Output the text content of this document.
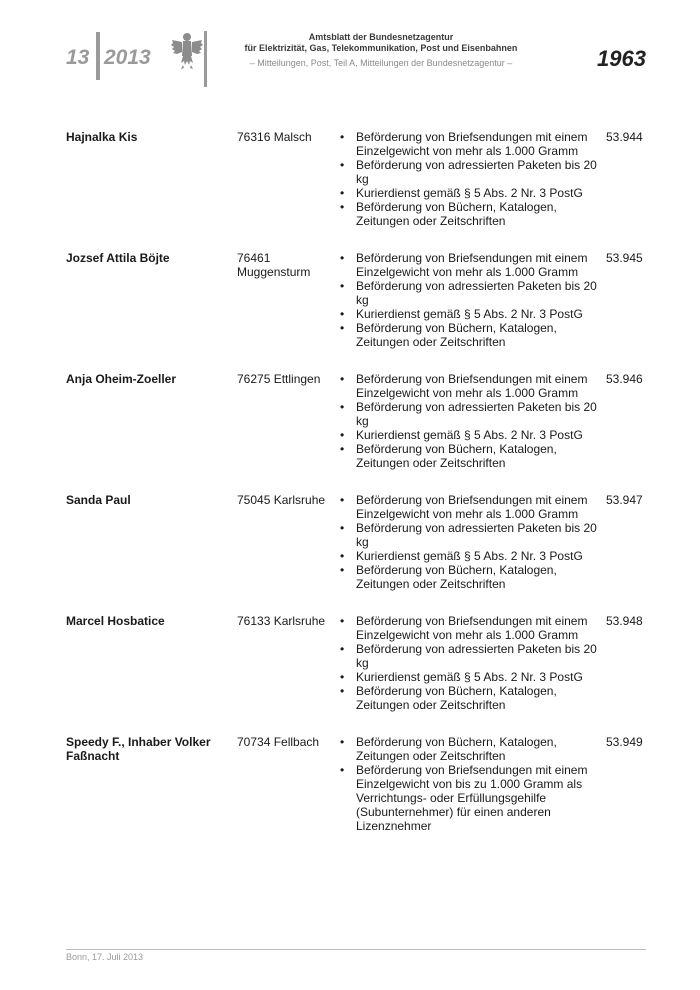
13 2013
Amtsblatt der Bundesnetzagentur
für Elektrizität, Gas, Telekommunikation, Post und Eisenbahnen
– Mitteilungen, Post, Teil A, Mitteilungen der Bundesnetzagentur –	1963
Hajnalka Kis	76316 Malsch	• Beförderung von Briefsendungen mit einem Einzelgewicht von mehr als 1.000 Gramm
• Beförderung von adressierten Paketen bis 20 kg
• Kurierdienst gemäß § 5 Abs. 2 Nr. 3 PostG
• Beförderung von Büchern, Katalogen, Zeitungen oder Zeitschriften
53.944
Jozsef Attila Böjte	76461 Muggensturm
• Beförderung von Briefsendungen mit einem Einzelgewicht von mehr als 1.000 Gramm
• Beförderung von adressierten Paketen bis 20 kg
• Kurierdienst gemäß § 5 Abs. 2 Nr. 3 PostG
• Beförderung von Büchern, Katalogen, Zeitungen oder Zeitschriften
53.945
Anja Oheim-Zoeller	76275 Ettlingen	• Beförderung von Briefsendungen mit einem Einzelgewicht von mehr als 1.000 Gramm
• Beförderung von adressierten Paketen bis 20 kg
• Kurierdienst gemäß § 5 Abs. 2 Nr. 3 PostG
• Beförderung von Büchern, Katalogen, Zeitungen oder Zeitschriften
53.946
Sanda Paul	75045 Karlsruhe	• Beförderung von Briefsendungen mit einem Einzelgewicht von mehr als 1.000 Gramm
• Beförderung von adressierten Paketen bis 20 kg
• Kurierdienst gemäß § 5 Abs. 2 Nr. 3 PostG
• Beförderung von Büchern, Katalogen, Zeitungen oder Zeitschriften
53.947
Marcel Hosbatice	76133 Karlsruhe	• Beförderung von Briefsendungen mit einem Einzelgewicht von mehr als 1.000 Gramm
• Beförderung von adressierten Paketen bis 20 kg
• Kurierdienst gemäß § 5 Abs. 2 Nr. 3 PostG
• Beförderung von Büchern, Katalogen, Zeitungen oder Zeitschriften
53.948
Speedy F., Inhaber Volker Faßnacht
70734 Fellbach	• Beförderung von Büchern, Katalogen, Zeitungen oder Zeitschriften
• Beförderung von Briefsendungen mit einem Einzelgewicht von bis zu 1.000 Gramm als Verrichtungs- oder Erfüllungsgehilfe (Subunternehmer) für einen anderen Lizenznehmer
53.949
Bonn, 17. Juli 2013
